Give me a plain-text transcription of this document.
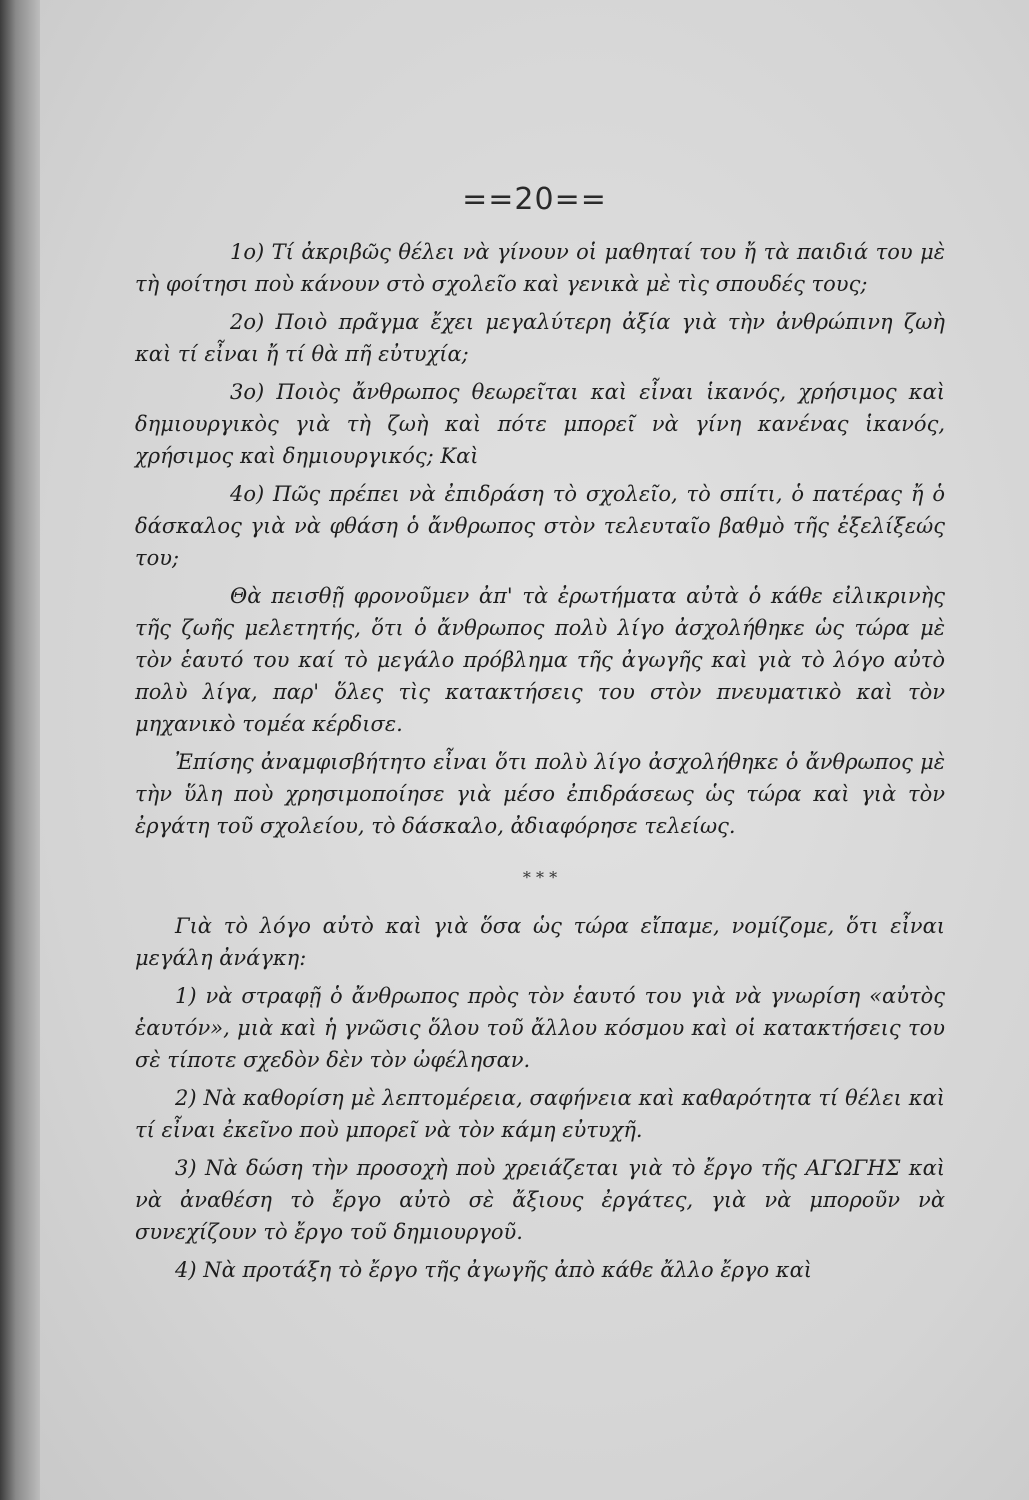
==20==

1ο) Τί ἀκριβῶς θέλει νὰ γίνουν οἱ μαθηταί του ἤ τὰ παιδιά του μὲ τὴ φοίτησι ποὺ κάνουν στὸ σχολεῖο καὶ γενικὰ μὲ τὶς σπουδές τους;

2ο) Ποιὸ πρᾶγμα ἔχει μεγαλύτερη ἀξία γιὰ τὴν ἀνθρώπινη ζωὴ καὶ τί εἶναι ἤ τί θὰ πῆ εὐτυχία;

3ο) Ποιὸς ἄνθρωπος θεωρεῖται καὶ εἶναι ἱκανός, χρήσιμος καὶ δημιουργικὸς γιὰ τὴ ζωὴ καὶ πότε μπορεῖ νὰ γίνη κανένας ἱκανός, χρήσιμος καὶ δημιουργικός; Καὶ

4ο) Πῶς πρέπει νὰ ἐπιδράση τὸ σχολεῖο, τὸ σπίτι, ὁ πατέρας ἤ ὁ δάσκαλος γιὰ νὰ φθάση ὁ ἄνθρωπος στὸν τελευταῖο βαθμὸ τῆς ἐξελίξεώς του;

Θὰ πεισθῇ φρονοῦμεν ἀπ' τὰ ἐρωτήματα αὐτὰ ὁ κάθε εἰλικρινὴς τῆς ζωῆς μελετητής, ὅτι ὁ ἄνθρωπος πολὺ λίγο ἀσχολήθηκε ὡς τώρα μὲ τὸν ἑαυτό του καί τὸ μεγάλο πρόβλημα τῆς ἀγωγῆς καὶ γιὰ τὸ λόγο αὐτὸ πολὺ λίγα, παρ' ὅλες τὶς κατακτήσεις του στὸν πνευματικὸ καὶ τὸν μηχανικὸ τομέα κέρδισε.

Ἐπίσης ἀναμφισβήτητο εἶναι ὅτι πολὺ λίγο ἀσχολήθηκε ὁ ἄνθρωπος μὲ τὴν ὕλη ποὺ χρησιμοποίησε γιὰ μέσο ἐπιδράσεως ὡς τώρα καὶ γιὰ τὸν ἐργάτη τοῦ σχολείου, τὸ δάσκαλο, ἀδιαφόρησε τελείως.

* * *

Γιὰ τὸ λόγο αὐτὸ καὶ γιὰ ὅσα ὡς τώρα εἴπαμε, νομίζομε, ὅτι εἶναι μεγάλη ἀνάγκη:

1) νὰ στραφῇ ὁ ἄνθρωπος πρὸς τὸν ἑαυτό του γιὰ νὰ γνωρίση «αὐτὸς ἑαυτόν», μιὰ καὶ ἡ γνῶσις ὅλου τοῦ ἄλλου κόσμου καὶ οἱ κατακτήσεις του σὲ τίποτε σχεδὸν δὲν τὸν ὠφέλησαν.

2) Νὰ καθορίση μὲ λεπτομέρεια, σαφήνεια καὶ καθαρότητα τί θέλει καὶ τί εἶναι ἐκεῖνο ποὺ μπορεῖ νὰ τὸν κάμη εὐτυχῆ.

3) Νὰ δώση τὴν προσοχὴ ποὺ χρειάζεται γιὰ τὸ ἔργο τῆς ΑΓΩΓΗΣ καὶ νὰ ἀναθέση τὸ ἔργο αὐτὸ σὲ ἄξιους ἐργάτες, γιὰ νὰ μποροῦν νὰ συνεχίζουν τὸ ἔργο τοῦ δημιουργοῦ.

4) Νὰ προτάξη τὸ ἔργο τῆς ἀγωγῆς ἀπὸ κάθε ἄλλο ἔργο καὶ
